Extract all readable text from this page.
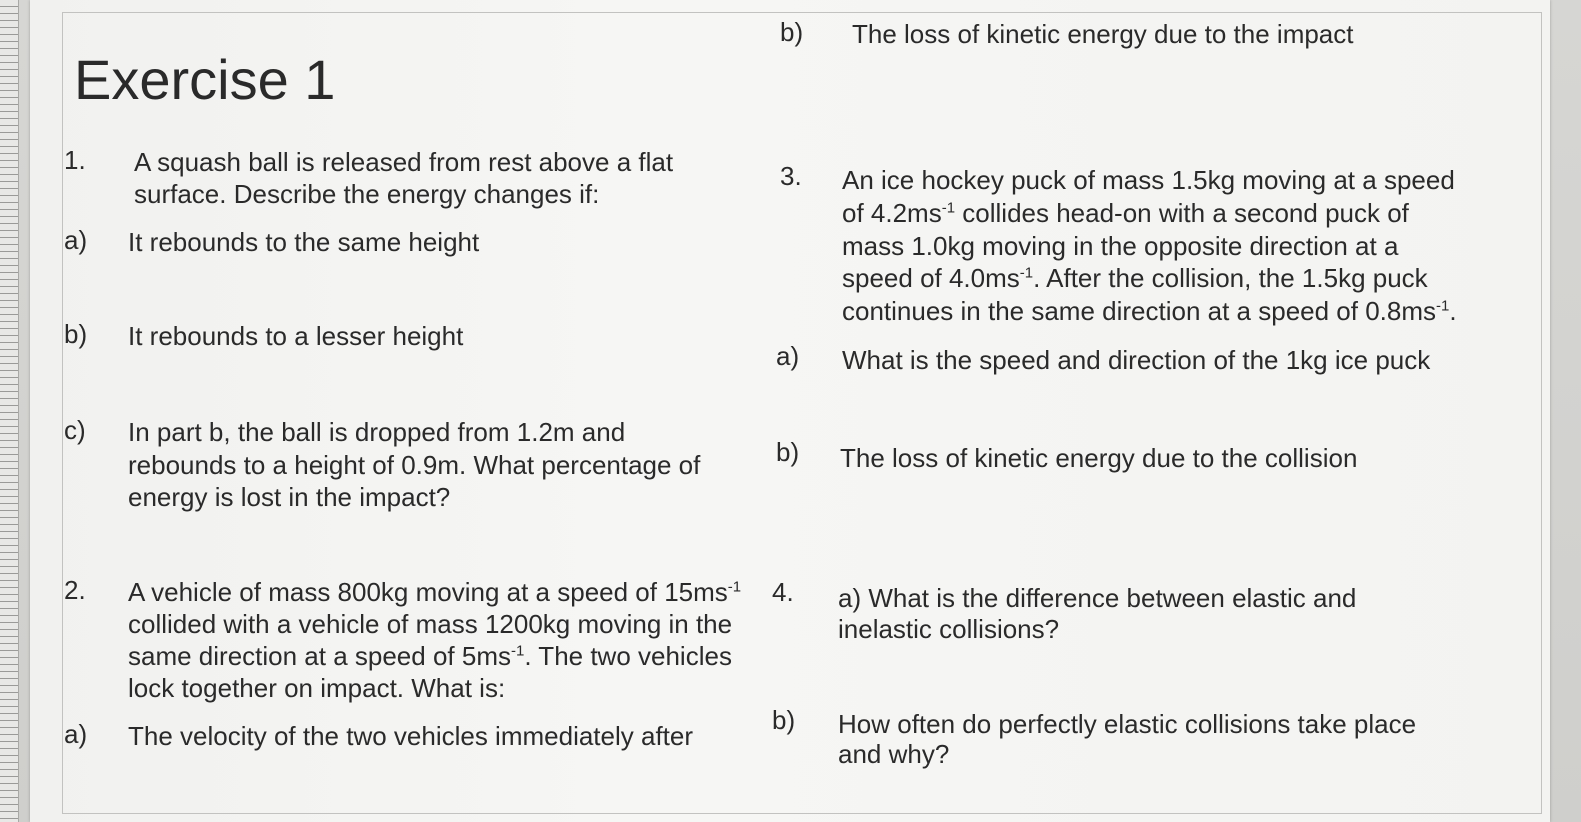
Exercise 1
1. A squash ball is released from rest above a flat
surface. Describe the energy changes if:
a) It rebounds to the same height
b) It rebounds to a lesser height
c) In part b, the ball is dropped from 1.2m and
rebounds to a height of 0.9m. What percentage of
energy is lost in the impact?
2. A vehicle of mass 800kg moving at a speed of $15ms^{-1}$
collided with a vehicle of mass 1200kg moving in the
same direction at a speed of $5ms^{-1}$. The two vehicles
lock together on impact. What is:
a) The velocity of the two vehicles immediately after
b) The loss of kinetic energy due to the impact
3. An ice hockey puck of mass 1.5kg moving at a speed
of $4.2ms^{-1}$ collides head-on with a second puck of
mass 1.0kg moving in the opposite direction at a
speed of $4.0ms^{-1}$. After the collision, the 1.5kg puck
continues in the same direction at a speed of $0.8ms^{-1}$.
a) What is the speed and direction of the 1kg ice puck
b) The loss of kinetic energy due to the collision
4. a) What is the difference between elastic and
inelastic collisions?
b) How often do perfectly elastic collisions take place
and why?
